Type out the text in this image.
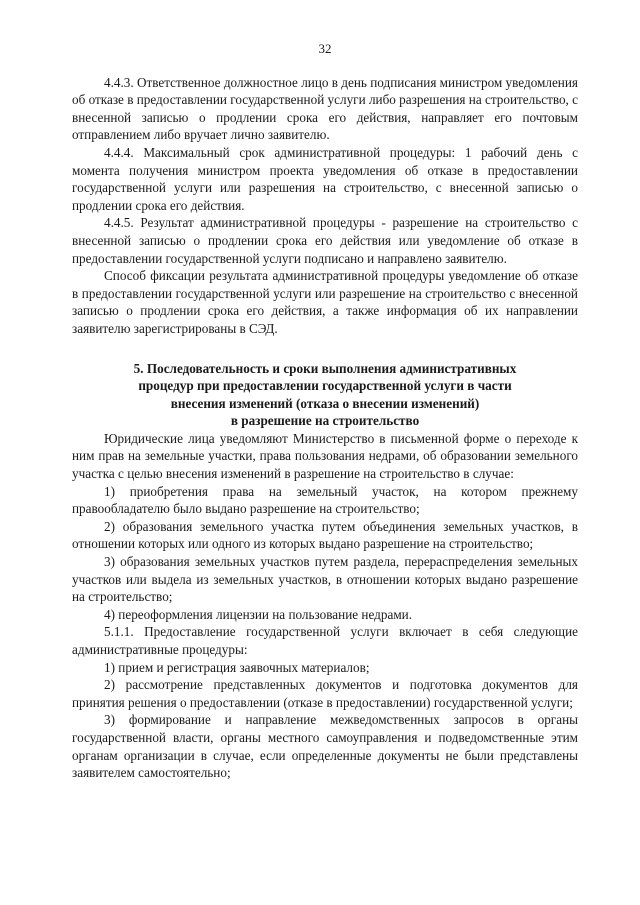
32

4.4.3. Ответственное должностное лицо в день подписания министром уведомления об отказе в предоставлении государственной услуги либо разрешения на строительство, с внесенной записью о продлении срока его действия, направляет его почтовым отправлением либо вручает лично заявителю.

4.4.4. Максимальный срок административной процедуры: 1 рабочий день с момента получения министром проекта уведомления об отказе в предоставлении государственной услуги или разрешения на строительство, с внесенной записью о продлении срока его действия.

4.4.5. Результат административной процедуры - разрешение на строительство с внесенной записью о продлении срока его действия или уведомление об отказе в предоставлении государственной услуги подписано и направлено заявителю.

Способ фиксации результата административной процедуры уведомление об отказе в предоставлении государственной услуги или разрешение на строительство с внесенной записью о продлении срока его действия, а также информация об их направлении заявителю зарегистрированы в СЭД.

5. Последовательность и сроки выполнения административных
процедур при предоставлении государственной услуги в части
внесения изменений (отказа о внесении изменений)
в разрешение на строительство

Юридические лица уведомляют Министерство в письменной форме о переходе к ним прав на земельные участки, права пользования недрами, об образовании земельного участка с целью внесения изменений в разрешение на строительство в случае:

1) приобретения права на земельный участок, на котором прежнему правообладателю было выдано разрешение на строительство;

2) образования земельного участка путем объединения земельных участков, в отношении которых или одного из которых выдано разрешение на строительство;

3) образования земельных участков путем раздела, перераспределения земельных участков или выдела из земельных участков, в отношении которых выдано разрешение на строительство;

4) переоформления лицензии на пользование недрами.

5.1.1. Предоставление государственной услуги включает в себя следующие административные процедуры:

1) прием и регистрация заявочных материалов;

2) рассмотрение представленных документов и подготовка документов для принятия решения о предоставлении (отказе в предоставлении) государственной услуги;

3) формирование и направление межведомственных запросов в органы государственной власти, органы местного самоуправления и подведомственные этим органам организации в случае, если определенные документы не были представлены заявителем самостоятельно;
